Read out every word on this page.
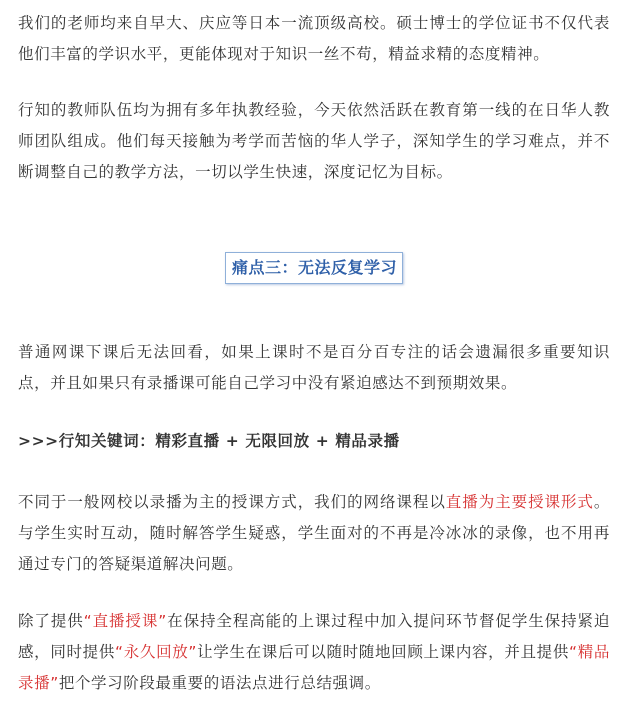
我们的老师均来自早大、庆应等日本一流顶级高校。硕士博士的学位证书不仅代表他们丰富的学识水平，更能体现对于知识一丝不苟，精益求精的态度精神。

行知的教师队伍均为拥有多年执教经验，今天依然活跃在教育第一线的在日华人教师团队组成。他们每天接触为考学而苦恼的华人学子，深知学生的学习难点，并不断调整自己的教学方法，一切以学生快速，深度记忆为目标。

痛点三：无法反复学习

普通网课下课后无法回看，如果上课时不是百分百专注的话会遗漏很多重要知识点，并且如果只有录播课可能自己学习中没有紧迫感达不到预期效果。

>>>行知关键词：精彩直播 + 无限回放 + 精品录播

不同于一般网校以录播为主的授课方式，我们的网络课程以直播为主要授课形式。与学生实时互动，随时解答学生疑惑，学生面对的不再是冷冰冰的录像，也不用再通过专门的答疑渠道解决问题。

除了提供“直播授课”在保持全程高能的上课过程中加入提问环节督促学生保持紧迫感，同时提供“永久回放”让学生在课后可以随时随地回顾上课内容，并且提供“精品录播”把个学习阶段最重要的语法点进行总结强调。
